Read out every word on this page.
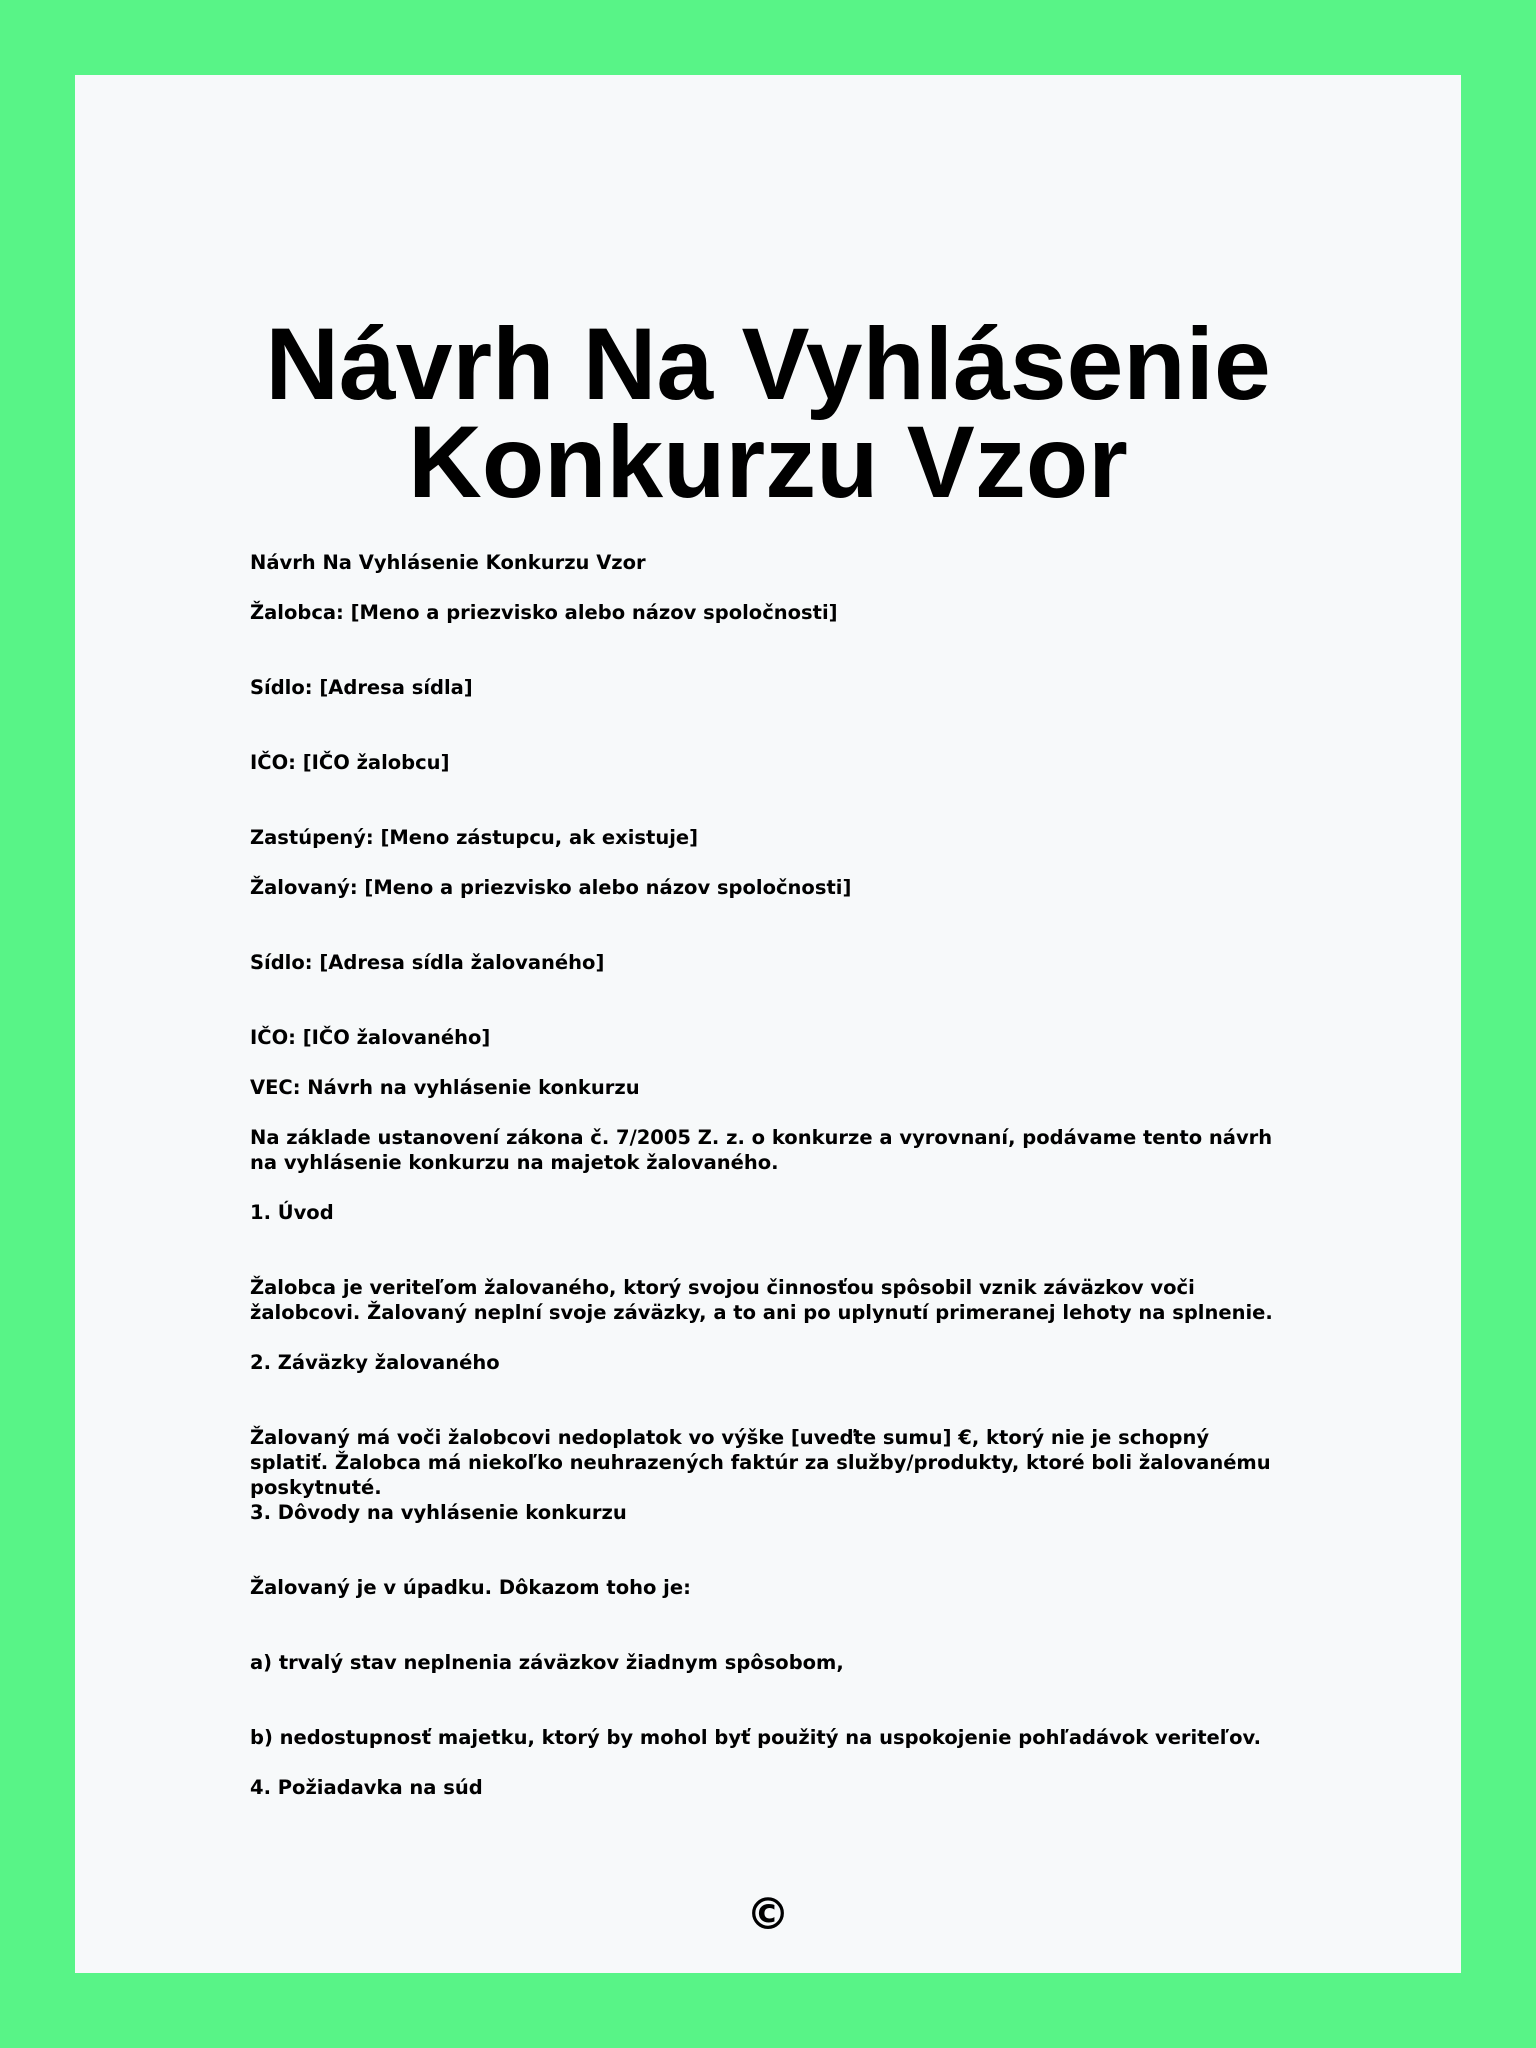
Návrh Na Vyhlásenie Konkurzu Vzor

Návrh Na Vyhlásenie Konkurzu Vzor

Žalobca: [Meno a priezvisko alebo názov spoločnosti]

Sídlo: [Adresa sídla]

IČO: [IČO žalobcu]

Zastúpený: [Meno zástupcu, ak existuje]

Žalovaný: [Meno a priezvisko alebo názov spoločnosti]

Sídlo: [Adresa sídla žalovaného]

IČO: [IČO žalovaného]

VEC: Návrh na vyhlásenie konkurzu

Na základe ustanovení zákona č. 7/2005 Z. z. o konkurze a vyrovnaní, podávame tento návrh na vyhlásenie konkurzu na majetok žalovaného.

1. Úvod

Žalobca je veriteľom žalovaného, ktorý svojou činnosťou spôsobil vznik záväzkov voči žalobcovi. Žalovaný neplní svoje záväzky, a to ani po uplynutí primeranej lehoty na splnenie.

2. Záväzky žalovaného

Žalovaný má voči žalobcovi nedoplatok vo výške [uveďte sumu] €, ktorý nie je schopný splatiť. Žalobca má niekoľko neuhrazených faktúr za služby/produkty, ktoré boli žalovanému poskytnuté.

3. Dôvody na vyhlásenie konkurzu

Žalovaný je v úpadku. Dôkazom toho je:

a) trvalý stav neplnenia záväzkov žiadnym spôsobom,

b) nedostupnosť majetku, ktorý by mohol byť použitý na uspokojenie pohľadávok veriteľov.

4. Požiadavka na súd

©
